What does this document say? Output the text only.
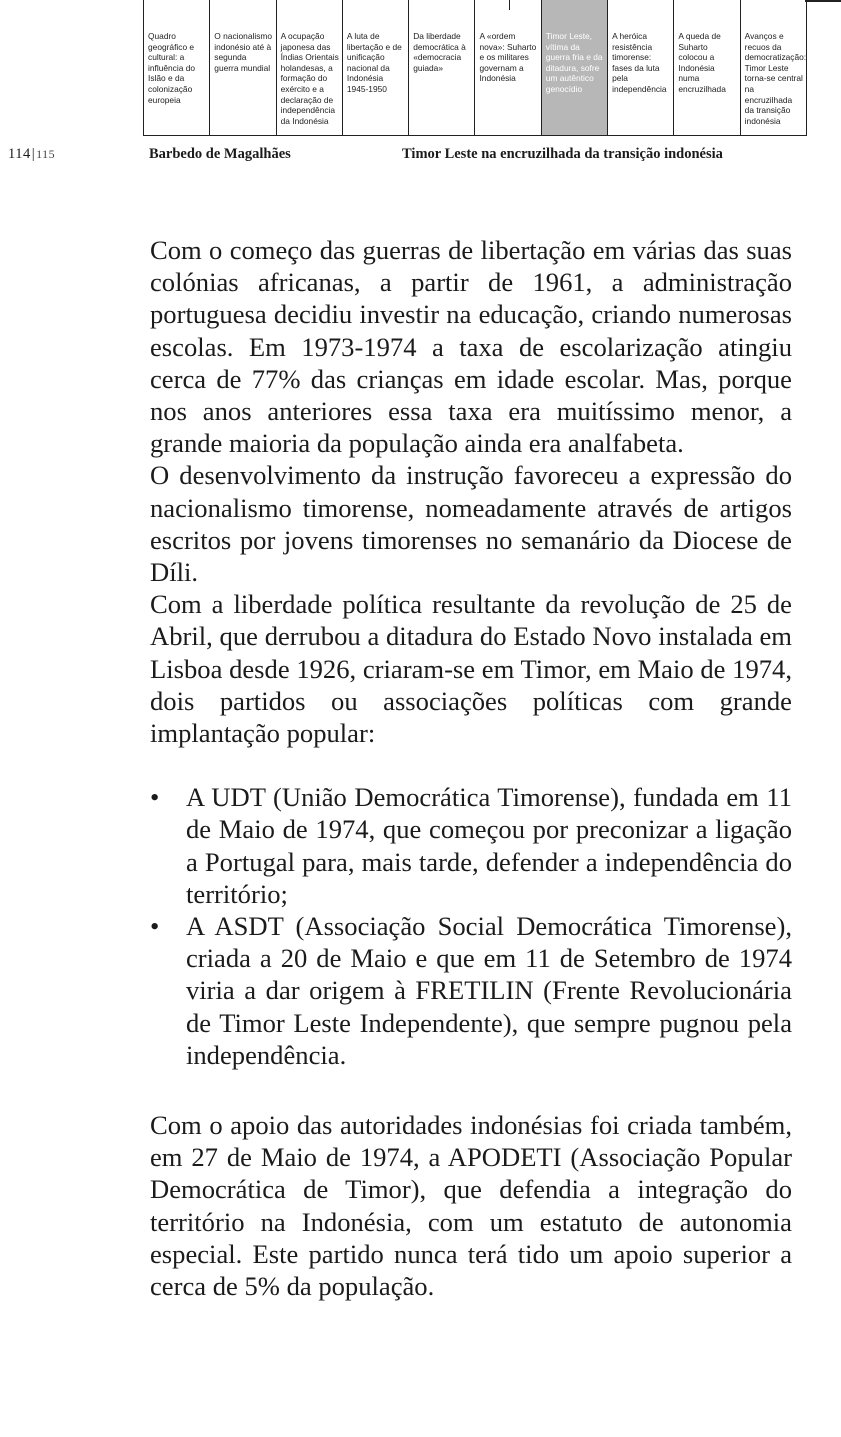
Quadro geográfico e cultural: a influência do Islão e da colonização europeia
O nacionalismo indonésio até à segunda guerra mundial
A ocupação japonesa das Índias Orientais holandesas, a formação do exército e a declaração de independência da Indonésia
A luta de libertação e de unificação nacional da Indonésia 1945-1950
Da liberdade democrática à «democracia guiada»
A «ordem nova»: Suharto e os militares governam a Indonésia
Timor Leste, vítima da guerra fria e da ditadura, sofre um autêntico genocídio
A heróica resistência timorense: fases da luta pela independência
A queda de Suharto colocou a Indonésia numa encruzilhada
Avanços e recuos da democratização: Timor Leste torna-se central na encruzilhada da transição indonésia
114|115	Barbedo de Magalhães	Timor Leste na encruzilhada da transição indonésia

Com o começo das guerras de libertação em várias das suas colónias africanas, a partir de 1961, a administração portuguesa decidiu investir na educação, criando numerosas escolas. Em 1973-1974 a taxa de escolarização atingiu cerca de 77% das crianças em idade escolar. Mas, porque nos anos anteriores essa taxa era muitíssimo menor, a grande maioria da população ainda era analfabeta.

O desenvolvimento da instrução favoreceu a expressão do nacionalismo timorense, nomeadamente através de artigos escritos por jovens timorenses no semanário da Diocese de Díli.

Com a liberdade política resultante da revolução de 25 de Abril, que derrubou a ditadura do Estado Novo instalada em Lisboa desde 1926, criaram-se em Timor, em Maio de 1974, dois partidos ou associações políticas com grande implantação popular:

• A UDT (União Democrática Timorense), fundada em 11 de Maio de 1974, que começou por preconizar a ligação a Portugal para, mais tarde, defender a independência do território;
• A ASDT (Associação Social Democrática Timorense), criada a 20 de Maio e que em 11 de Setembro de 1974 viria a dar origem à FRETILIN (Frente Revolucionária de Timor Leste Independente), que sempre pugnou pela independência.

Com o apoio das autoridades indonésias foi criada também, em 27 de Maio de 1974, a APODETI (Associação Popular Democrática de Timor), que defendia a integração do território na Indonésia, com um estatuto de autonomia especial. Este partido nunca terá tido um apoio superior a cerca de 5% da população.
